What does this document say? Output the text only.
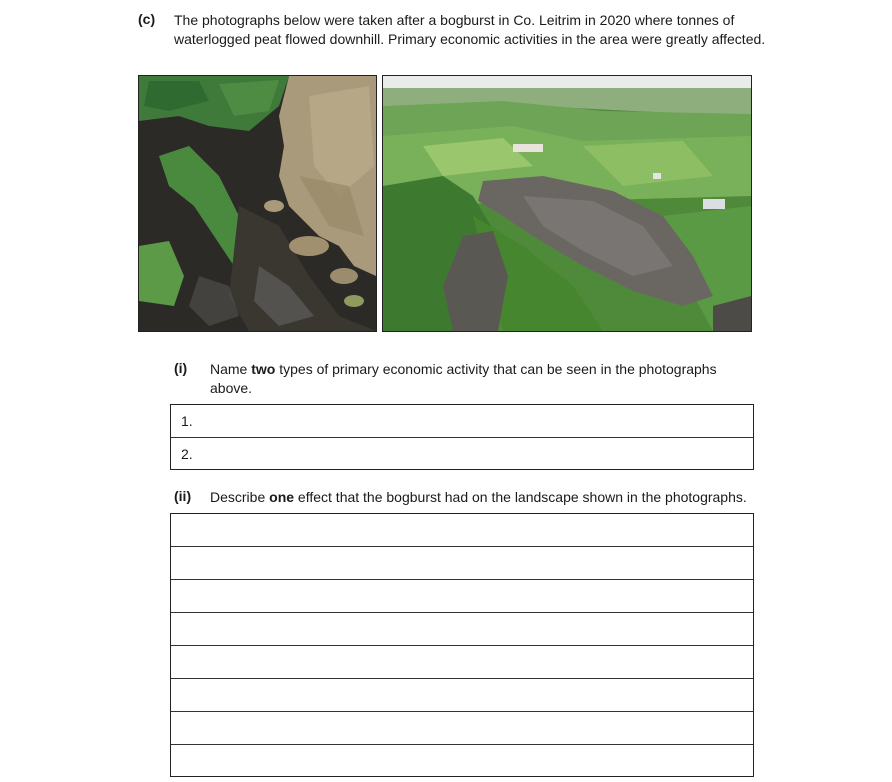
(c) The photographs below were taken after a bogburst in Co. Leitrim in 2020 where tonnes of waterlogged peat flowed downhill. Primary economic activities in the area were greatly affected.
(i) Name two types of primary economic activity that can be seen in the photographs above.
1.
2.
(ii) Describe one effect that the bogburst had on the landscape shown in the photographs.
